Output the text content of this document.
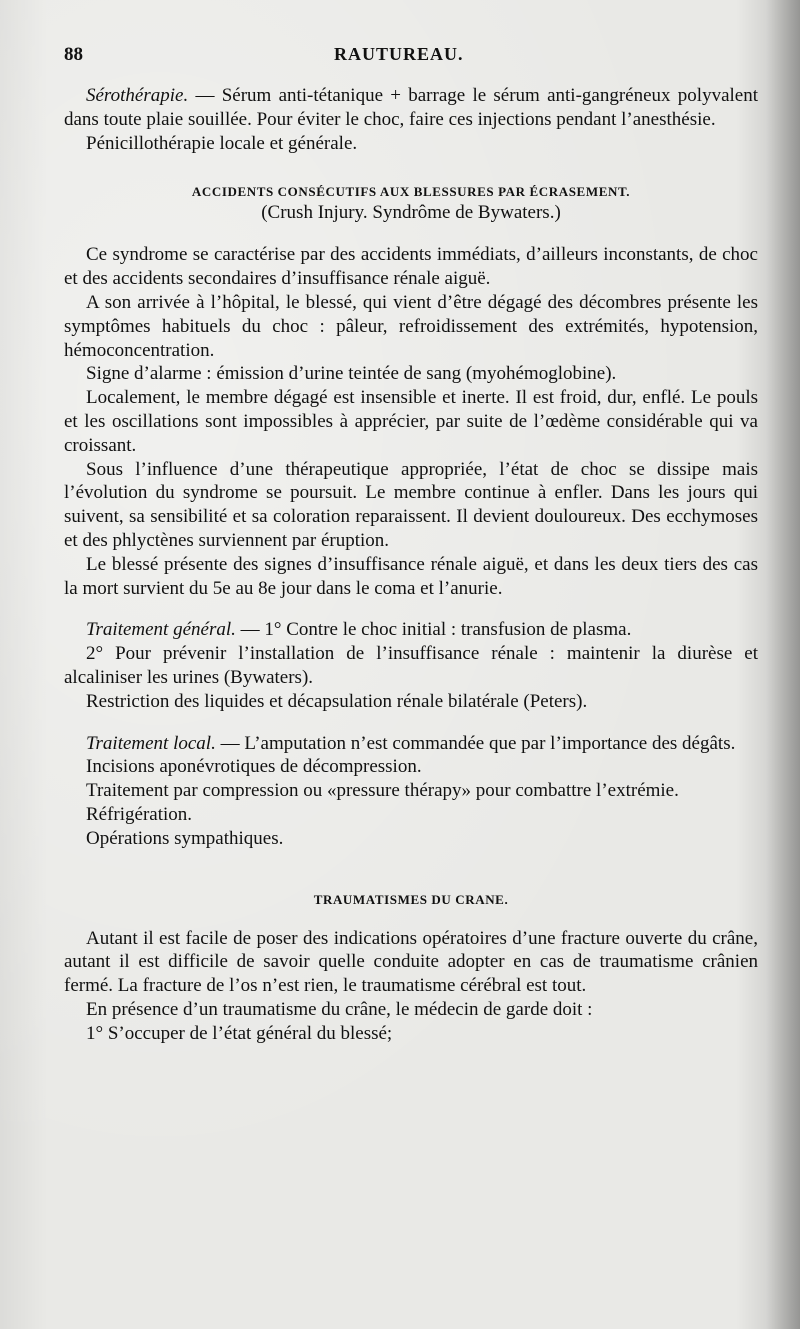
88	RAUTUREAU.

Sérothérapie. — Sérum anti-tétanique + barrage le sérum anti-gangréneux polyvalent dans toute plaie souillée. Pour éviter le choc, faire ces injections pendant l’anesthésie.

Pénicillothérapie locale et générale.

ACCIDENTS CONSÉCUTIFS AUX BLESSURES PAR ÉCRASEMENT.

(Crush Injury. Syndrôme de Bywaters.)

Ce syndrome se caractérise par des accidents immédiats, d’ailleurs inconstants, de choc et des accidents secondaires d’insuffisance rénale aiguë.

A son arrivée à l’hôpital, le blessé, qui vient d’être dégagé des décombres présente les symptômes habituels du choc : pâleur, refroidissement des extrémités, hypotension, hémoconcentration.

Signe d’alarme : émission d’urine teintée de sang (myohémoglobine).

Localement, le membre dégagé est insensible et inerte. Il est froid, dur, enflé. Le pouls et les oscillations sont impossibles à apprécier, par suite de l’œdème considérable qui va croissant.

Sous l’influence d’une thérapeutique appropriée, l’état de choc se dissipe mais l’évolution du syndrome se poursuit. Le membre continue à enfler. Dans les jours qui suivent, sa sensibilité et sa coloration reparaissent. Il devient douloureux. Des ecchymoses et des phlyctènes surviennent par éruption.

Le blessé présente des signes d’insuffisance rénale aiguë, et dans les deux tiers des cas la mort survient du 5e au 8e jour dans le coma et l’anurie.

Traitement général. — 1° Contre le choc initial : transfusion de plasma.

2° Pour prévenir l’installation de l’insuffisance rénale : maintenir la diurèse et alcaliniser les urines (Bywaters).

Restriction des liquides et décapsulation rénale bilatérale (Peters).

Traitement local. — L’amputation n’est commandée que par l’importance des dégâts.

Incisions aponévrotiques de décompression.

Traitement par compression ou «pressure thérapy» pour combattre l’extrémie.

Réfrigération.

Opérations sympathiques.

TRAUMATISMES DU CRANE.

Autant il est facile de poser des indications opératoires d’une fracture ouverte du crâne, autant il est difficile de savoir quelle conduite adopter en cas de traumatisme crânien fermé. La fracture de l’os n’est rien, le traumatisme cérébral est tout.

En présence d’un traumatisme du crâne, le médecin de garde doit :

1° S’occuper de l’état général du blessé;
